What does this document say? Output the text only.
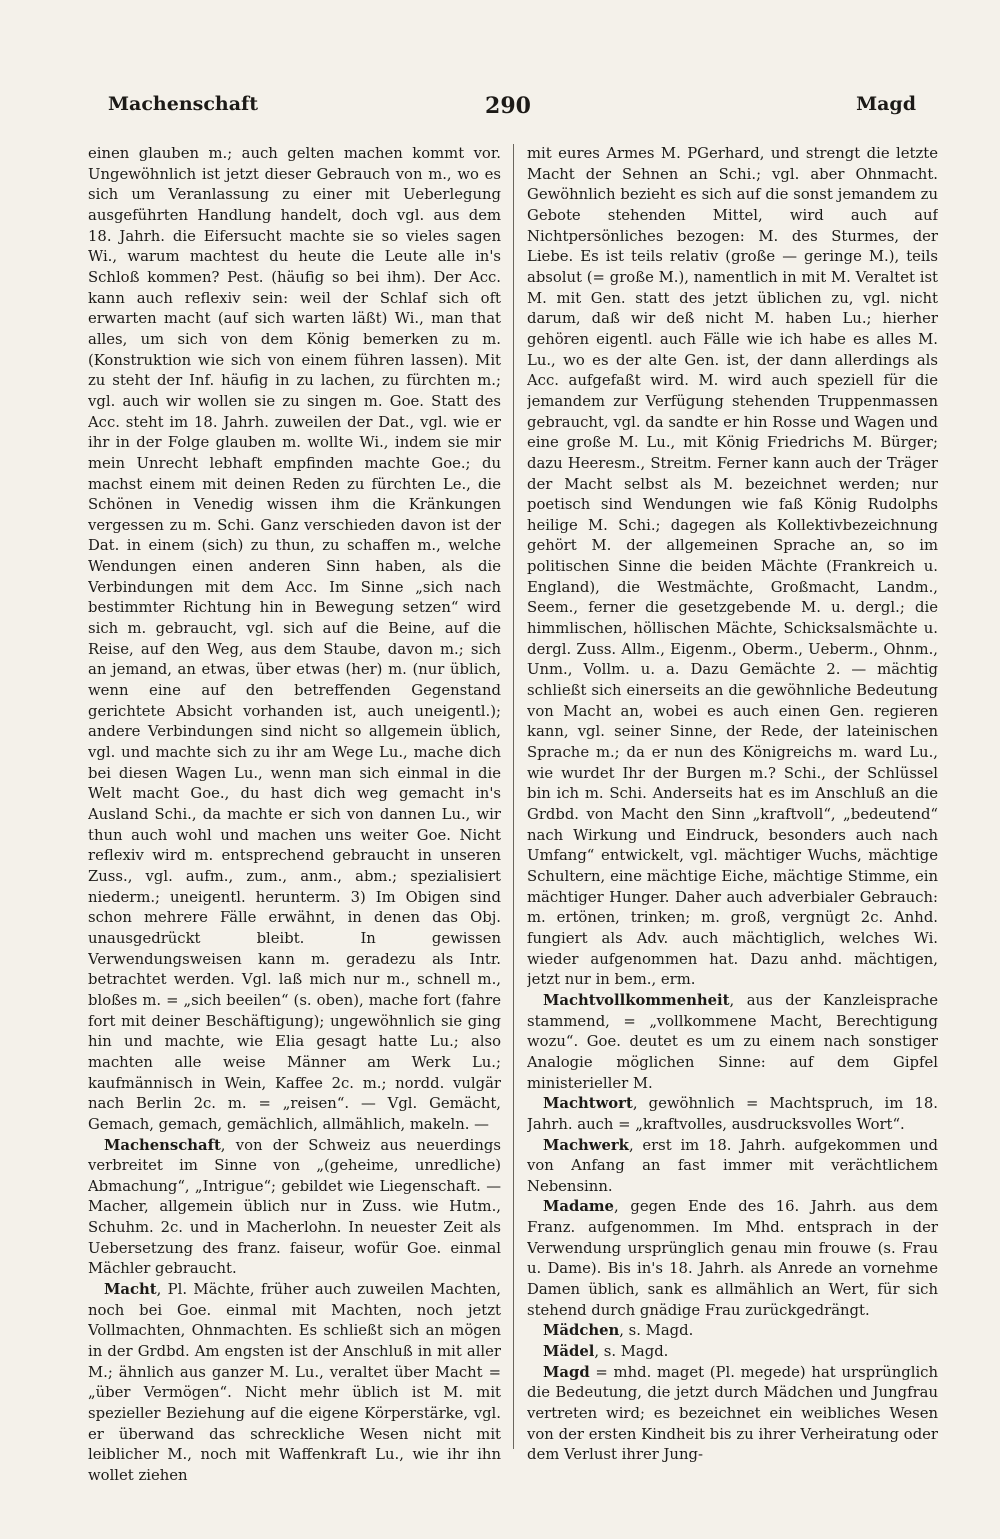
Machenschaft	290	Magd

einen glauben m.; auch gelten machen kommt vor. Ungewöhnlich ist jetzt dieser Gebrauch von m., wo es sich um Veranlassung zu einer mit Ueberlegung ausgeführten Handlung handelt, doch vgl. aus dem 18. Jahrh. die Eifersucht machte sie so vieles sagen Wi., warum machtest du heute die Leute alle in's Schloß kommen? Pest. (häufig so bei ihm). Der Acc. kann auch reflexiv sein: weil der Schlaf sich oft erwarten macht (auf sich warten läßt) Wi., man that alles, um sich von dem König bemerken zu m. (Konstruktion wie sich von einem führen lassen). Mit zu steht der Inf. häufig in zu lachen, zu fürchten m.; vgl. auch wir wollen sie zu singen m. Goe. Statt des Acc. steht im 18. Jahrh. zuweilen der Dat., vgl. wie er ihr in der Folge glauben m. wollte Wi., indem sie mir mein Unrecht lebhaft empfinden machte Goe.; du machst einem mit deinen Reden zu fürchten Le., die Schönen in Venedig wissen ihm die Kränkungen vergessen zu m. Schi. Ganz verschieden davon ist der Dat. in einem (sich) zu thun, zu schaffen m., welche Wendungen einen anderen Sinn haben, als die Verbindungen mit dem Acc. Im Sinne „sich nach bestimmter Richtung hin in Bewegung setzen“ wird sich m. gebraucht, vgl. sich auf die Beine, auf die Reise, auf den Weg, aus dem Staube, davon m.; sich an jemand, an etwas, über etwas (her) m. (nur üblich, wenn eine auf den betreffenden Gegenstand gerichtete Absicht vorhanden ist, auch uneigentl.); andere Verbindungen sind nicht so allgemein üblich, vgl. und machte sich zu ihr am Wege Lu., mache dich bei diesen Wagen Lu., wenn man sich einmal in die Welt macht Goe., du hast dich weg gemacht in's Ausland Schi., da machte er sich von dannen Lu., wir thun auch wohl und machen uns weiter Goe. Nicht reflexiv wird m. entsprechend gebraucht in unseren Zuss., vgl. aufm., zum., anm., abm.; spezialisiert niederm.; uneigentl. herunterm. 3) Im Obigen sind schon mehrere Fälle erwähnt, in denen das Obj. unausgedrückt bleibt. In gewissen Verwendungsweisen kann m. geradezu als Intr. betrachtet werden. Vgl. laß mich nur m., schnell m., bloßes m. = „sich beeilen“ (s. oben), mache fort (fahre fort mit deiner Beschäftigung); ungewöhnlich sie ging hin und machte, wie Elia gesagt hatte Lu.; also machten alle weise Männer am Werk Lu.; kaufmännisch in Wein, Kaffee 2c. m.; nordd. vulgär nach Berlin 2c. m. = „reisen“. — Vgl. Gemächt, Gemach, gemach, gemächlich, allmählich, makeln. —

Machenschaft, von der Schweiz aus neuerdings verbreitet im Sinne von „(geheime, unredliche) Abmachung“, „Intrigue“; gebildet wie Liegenschaft. — Macher, allgemein üblich nur in Zuss. wie Hutm., Schuhm. 2c. und in Macherlohn. In neuester Zeit als Uebersetzung des franz. faiseur, wofür Goe. einmal Mächler gebraucht.

Macht, Pl. Mächte, früher auch zuweilen Machten, noch bei Goe. einmal mit Machten, noch jetzt Vollmachten, Ohnmachten. Es schließt sich an mögen in der Grdbd. Am engsten ist der Anschluß in mit aller M.; ähnlich aus ganzer M. Lu., veraltet über Macht = „über Vermögen“. Nicht mehr üblich ist M. mit spezieller Beziehung auf die eigene Körperstärke, vgl. er überwand das schreckliche Wesen nicht mit leiblicher M., noch mit Waffenkraft Lu., wie ihr ihn wollet ziehen

mit eures Armes M. PGerhard, und strengt die letzte Macht der Sehnen an Schi.; vgl. aber Ohnmacht. Gewöhnlich bezieht es sich auf die sonst jemandem zu Gebote stehenden Mittel, wird auch auf Nichtpersönliches bezogen: M. des Sturmes, der Liebe. Es ist teils relativ (große — geringe M.), teils absolut (= große M.), namentlich in mit M. Veraltet ist M. mit Gen. statt des jetzt üblichen zu, vgl. nicht darum, daß wir deß nicht M. haben Lu.; hierher gehören eigentl. auch Fälle wie ich habe es alles M. Lu., wo es der alte Gen. ist, der dann allerdings als Acc. aufgefaßt wird. M. wird auch speziell für die jemandem zur Verfügung stehenden Truppenmassen gebraucht, vgl. da sandte er hin Rosse und Wagen und eine große M. Lu., mit König Friedrichs M. Bürger; dazu Heeresm., Streitm. Ferner kann auch der Träger der Macht selbst als M. bezeichnet werden; nur poetisch sind Wendungen wie faß König Rudolphs heilige M. Schi.; dagegen als Kollektivbezeichnung gehört M. der allgemeinen Sprache an, so im politischen Sinne die beiden Mächte (Frankreich u. England), die Westmächte, Großmacht, Landm., Seem., ferner die gesetzgebende M. u. dergl.; die himmlischen, höllischen Mächte, Schicksalsmächte u. dergl. Zuss. Allm., Eigenm., Oberm., Ueberm., Ohnm., Unm., Vollm. u. a. Dazu Gemächte 2. — mächtig schließt sich einerseits an die gewöhnliche Bedeutung von Macht an, wobei es auch einen Gen. regieren kann, vgl. seiner Sinne, der Rede, der lateinischen Sprache m.; da er nun des Königreichs m. ward Lu., wie wurdet Ihr der Burgen m.? Schi., der Schlüssel bin ich m. Schi. Anderseits hat es im Anschluß an die Grdbd. von Macht den Sinn „kraftvoll“, „bedeutend“ nach Wirkung und Eindruck, besonders auch nach Umfang“ entwickelt, vgl. mächtiger Wuchs, mächtige Schultern, eine mächtige Eiche, mächtige Stimme, ein mächtiger Hunger. Daher auch adverbialer Gebrauch: m. ertönen, trinken; m. groß, vergnügt 2c. Anhd. fungiert als Adv. auch mächtiglich, welches Wi. wieder aufgenommen hat. Dazu anhd. mächtigen, jetzt nur in bem., erm.

Machtvollkommenheit, aus der Kanzleisprache stammend, = „vollkommene Macht, Berechtigung wozu“. Goe. deutet es um zu einem nach sonstiger Analogie möglichen Sinne: auf dem Gipfel ministerieller M.

Machtwort, gewöhnlich = Machtspruch, im 18. Jahrh. auch = „kraftvolles, ausdrucksvolles Wort“.

Machwerk, erst im 18. Jahrh. aufgekommen und von Anfang an fast immer mit verächtlichem Nebensinn.

Madame, gegen Ende des 16. Jahrh. aus dem Franz. aufgenommen. Im Mhd. entsprach in der Verwendung ursprünglich genau min frouwe (s. Frau u. Dame). Bis in's 18. Jahrh. als Anrede an vornehme Damen üblich, sank es allmählich an Wert, für sich stehend durch gnädige Frau zurückgedrängt.

Mädchen, s. Magd.

Mädel, s. Magd.

Magd = mhd. maget (Pl. megede) hat ursprünglich die Bedeutung, die jetzt durch Mädchen und Jungfrau vertreten wird; es bezeichnet ein weibliches Wesen von der ersten Kindheit bis zu ihrer Verheiratung oder dem Verlust ihrer Jung-
